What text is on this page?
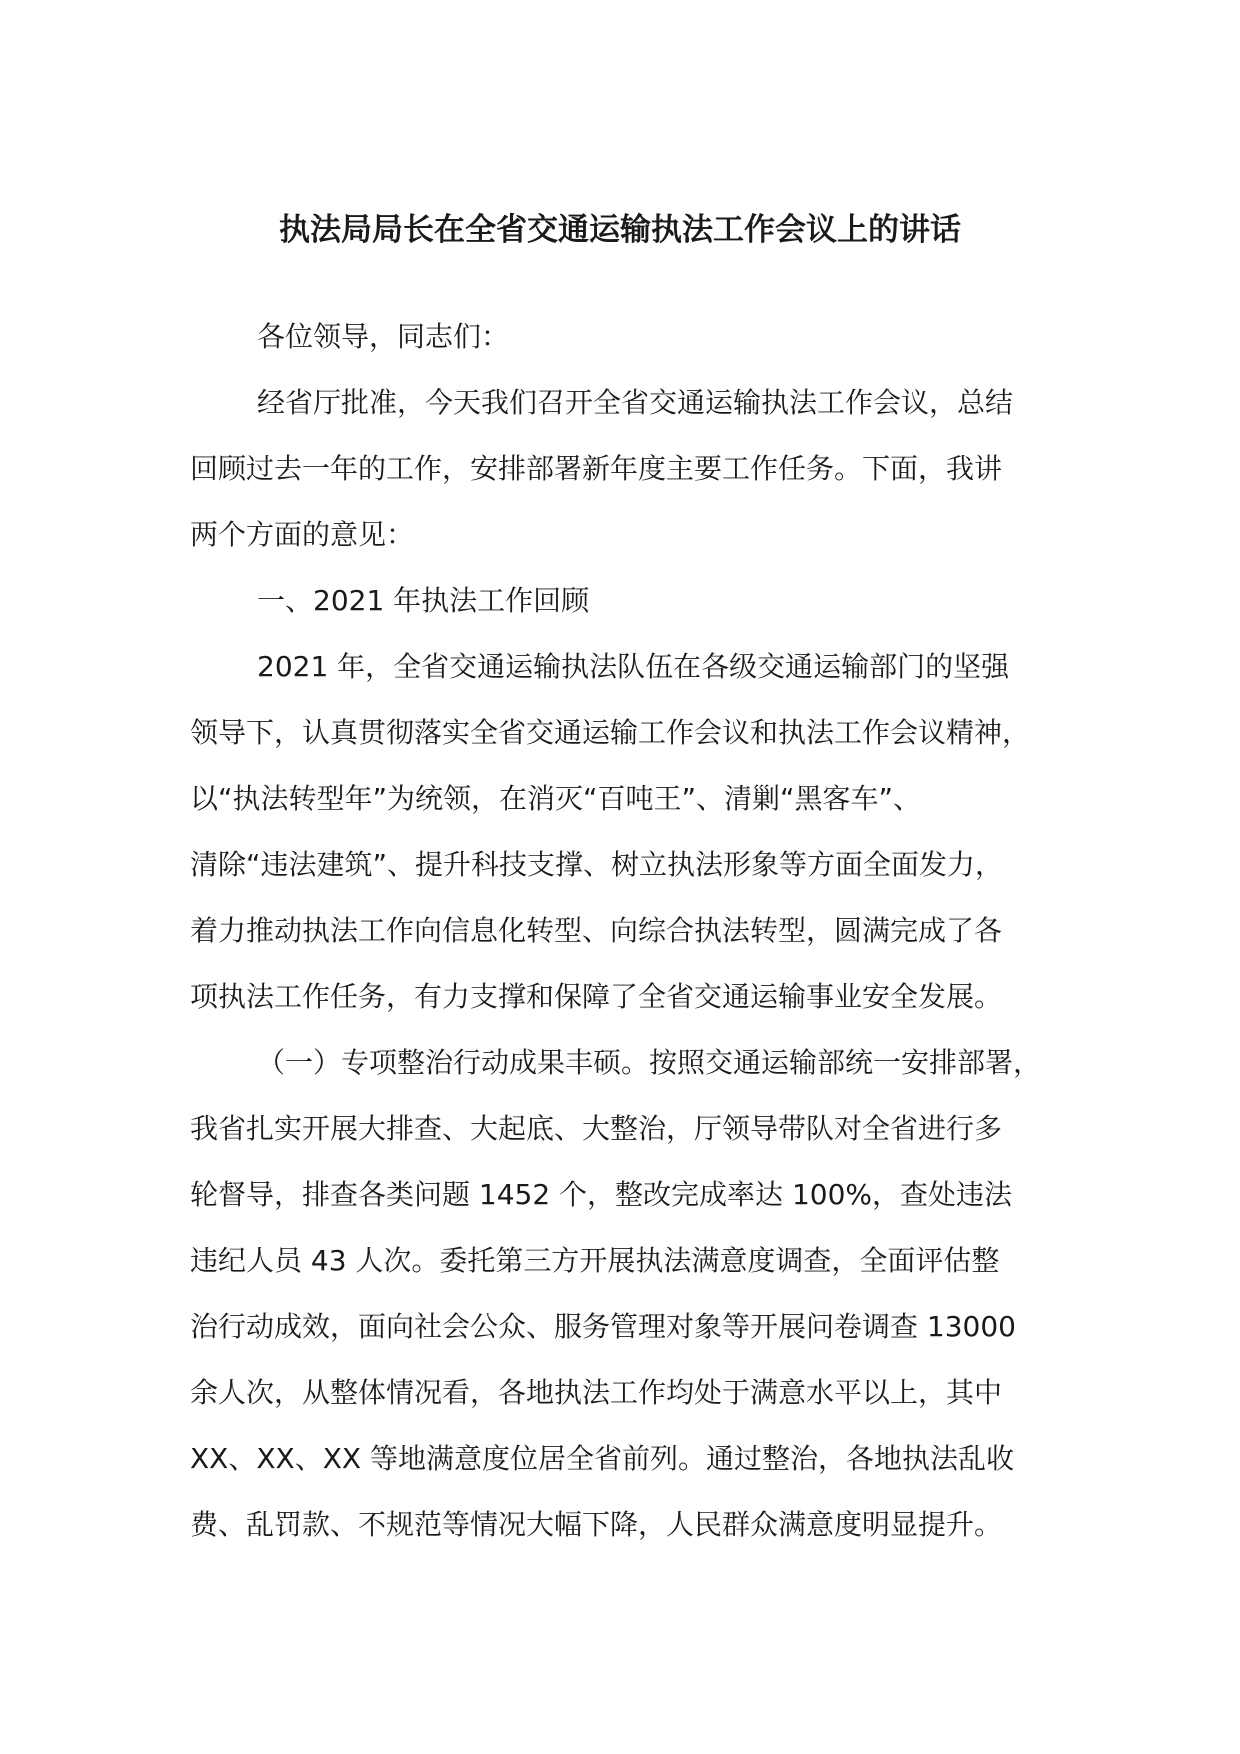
执法局局长在全省交通运输执法工作会议上的讲话
各位领导，同志们：
经省厅批准，今天我们召开全省交通运输执法工作会议，总结
回顾过去一年的工作，安排部署新年度主要工作任务。下面，我讲
两个方面的意见：
一、2021 年执法工作回顾
2021 年，全省交通运输执法队伍在各级交通运输部门的坚强
领导下，认真贯彻落实全省交通运输工作会议和执法工作会议精神，
以“执法转型年”为统领，在消灭“百吨王”、清剿“黑客车”、
清除“违法建筑”、提升科技支撑、树立执法形象等方面全面发力，
着力推动执法工作向信息化转型、向综合执法转型，圆满完成了各
项执法工作任务，有力支撑和保障了全省交通运输事业安全发展。
（一）专项整治行动成果丰硕。按照交通运输部统一安排部署，
我省扎实开展大排查、大起底、大整治，厅领导带队对全省进行多
轮督导，排查各类问题 1452 个，整改完成率达 100%，查处违法
违纪人员 43 人次。委托第三方开展执法满意度调查，全面评估整
治行动成效，面向社会公众、服务管理对象等开展问卷调查 13000
余人次，从整体情况看，各地执法工作均处于满意水平以上，其中
XX、XX、XX 等地满意度位居全省前列。通过整治，各地执法乱收
费、乱罚款、不规范等情况大幅下降，人民群众满意度明显提升。
